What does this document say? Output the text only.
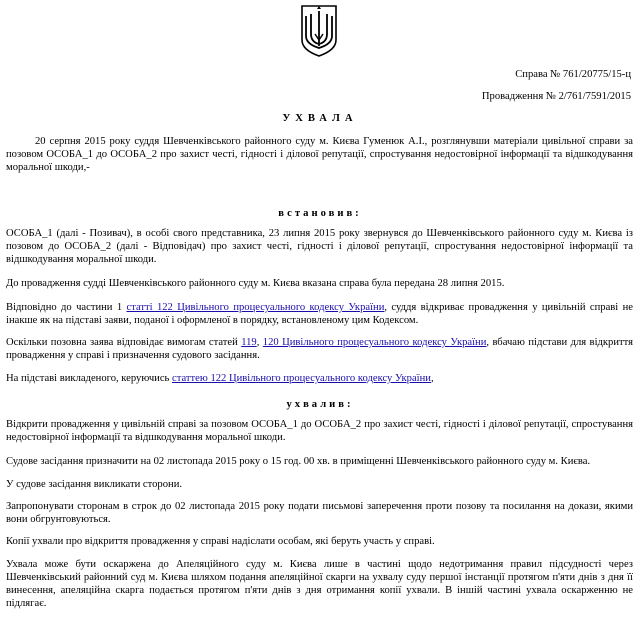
Справа № 761/20775/15-ц
Провадження № 2/761/7591/2015
УХВАЛА
20 серпня 2015 року суддя Шевченківського районного суду м. Києва Гуменюк А.І., розглянувши матеріали цивільної справи за
позовом ОСОБА_1 до ОСОБА_2 про захист честі, гідності і ділової репутації, спростування недостовірної інформації та відшкодування
моральної шкоди,-
встановив:
ОСОБА_1 (далі - Позивач), в особі свого представника, 23 липня 2015 року звернувся до Шевченківського районного суду м. Києва із
позовом до ОСОБА_2 (далі - Відповідач) про захист честі, гідності і ділової репутації, спростування недостовірної інформації та
відшкодування моральної шкоди.
До провадження судді Шевченківського районного суду м. Києва вказана справа була передана 28 липня 2015.
Відповідно до частини 1 статті 122 Цивільного процесуального кодексу України, суддя відкриває провадження у цивільній справі не
інакше як на підставі заяви, поданої і оформленої в порядку, встановленому цим Кодексом.
Оскільки позовна заява відповідає вимогам статей 119, 120 Цивільного процесуального кодексу України, вбачаю підстави для відкриття
провадження у справі і призначення судового засідання.
На підставі викладеного, керуючись статтею 122 Цивільного процесуального кодексу України,
ухвалив:
Відкрити провадження у цивільній справі за позовом ОСОБА_1 до ОСОБА_2 про захист честі, гідності і ділової репутації, спростування
недостовірної інформації та відшкодування моральної шкоди.
Судове засідання призначити на 02 листопада 2015 року о 15 год. 00 хв. в приміщенні Шевченківського районного суду м. Києва.
У судове засідання викликати сторони.
Запропонувати сторонам в строк до 02 листопада 2015 року подати письмові заперечення проти позову та посилання на докази, якими
вони обгрунтовуються.
Копії ухвали про відкриття провадження у справі надіслати особам, які беруть участь у справі.
Ухвала може бути оскаржена до Апеляційного суду м. Києва лише в частині щодо недотримання правил підсудності через
Шевченківський районний суд м. Києва шляхом подання апеляційної скарги на ухвалу суду першої інстанції протягом п'яти днів з дня її
винесення, апеляційна скарга подається протягом п'яти днів з дня отримання копії ухвали. В іншій частині ухвала оскарженню не
підлягає.
